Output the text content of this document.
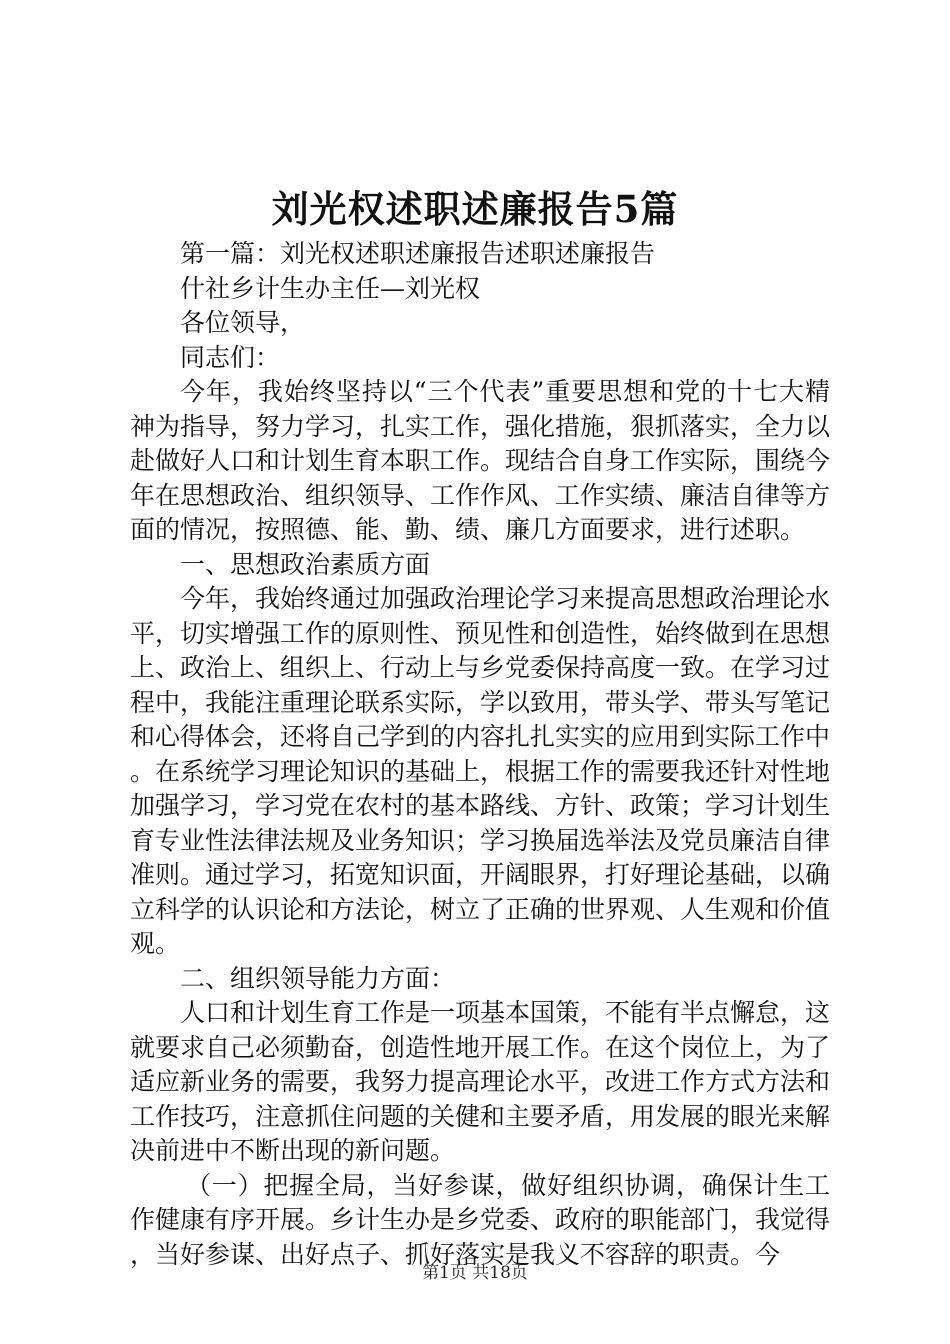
刘光权述职述廉报告5篇

第一篇：刘光权述职述廉报告述职述廉报告

什社乡计生办主任—刘光权

各位领导，

同志们：

今年，我始终坚持以“三个代表”重要思想和党的十七大精神为指导，努力学习，扎实工作，强化措施，狠抓落实，全力以赴做好人口和计划生育本职工作。现结合自身工作实际，围绕今年在思想政治、组织领导、工作作风、工作实绩、廉洁自律等方面的情况，按照德、能、勤、绩、廉几方面要求，进行述职。

一、思想政治素质方面

今年，我始终通过加强政治理论学习来提高思想政治理论水平，切实增强工作的原则性、预见性和创造性，始终做到在思想上、政治上、组织上、行动上与乡党委保持高度一致。在学习过程中，我能注重理论联系实际，学以致用，带头学、带头写笔记和心得体会，还将自己学到的内容扎扎实实的应用到实际工作中。在系统学习理论知识的基础上，根据工作的需要我还针对性地加强学习，学习党在农村的基本路线、方针、政策；学习计划生育专业性法律法规及业务知识；学习换届选举法及党员廉洁自律准则。通过学习，拓宽知识面，开阔眼界，打好理论基础，以确立科学的认识论和方法论，树立了正确的世界观、人生观和价值观。

二、组织领导能力方面：

人口和计划生育工作是一项基本国策，不能有半点懈怠，这就要求自己必须勤奋，创造性地开展工作。在这个岗位上，为了适应新业务的需要，我努力提高理论水平，改进工作方式方法和工作技巧，注意抓住问题的关健和主要矛盾，用发展的眼光来解决前进中不断出现的新问题。

（一）把握全局，当好参谋，做好组织协调，确保计生工作健康有序开展。乡计生办是乡党委、政府的职能部门，我觉得，当好参谋、出好点子、抓好落实是我义不容辞的职责。今

第1页 共18页
